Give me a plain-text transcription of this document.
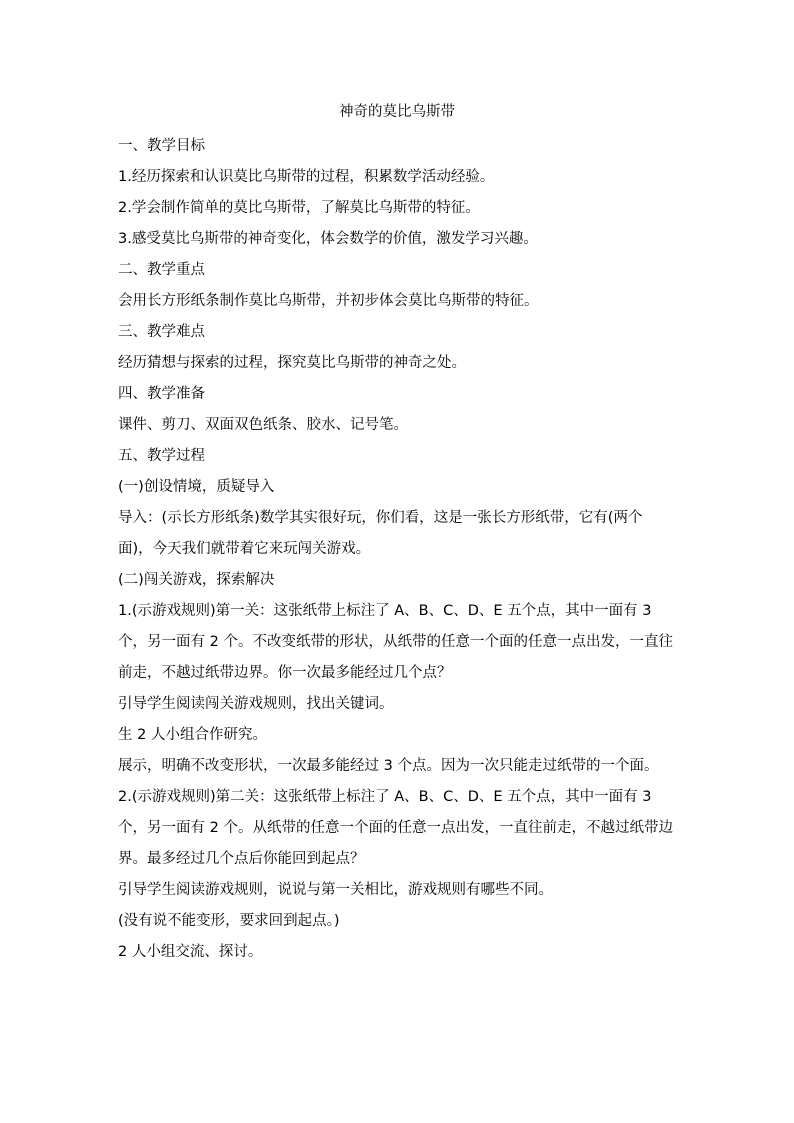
神奇的莫比乌斯带

一、教学目标

1.经历探索和认识莫比乌斯带的过程，积累数学活动经验。

2.学会制作简单的莫比乌斯带，了解莫比乌斯带的特征。

3.感受莫比乌斯带的神奇变化，体会数学的价值，激发学习兴趣。

二、教学重点

会用长方形纸条制作莫比乌斯带，并初步体会莫比乌斯带的特征。

三、教学难点

经历猜想与探索的过程，探究莫比乌斯带的神奇之处。

四、教学准备

课件、剪刀、双面双色纸条、胶水、记号笔。

五、教学过程

(一)创设情境，质疑导入

导入：(示长方形纸条)数学其实很好玩，你们看，这是一张长方形纸带，它有(两个面)，今天我们就带着它来玩闯关游戏。

(二)闯关游戏，探索解决

1.(示游戏规则)第一关：这张纸带上标注了 A、B、C、D、E 五个点，其中一面有 3 个，另一面有 2 个。不改变纸带的形状，从纸带的任意一个面的任意一点出发，一直往前走，不越过纸带边界。你一次最多能经过几个点？

引导学生阅读闯关游戏规则，找出关键词。

生 2 人小组合作研究。

展示，明确不改变形状，一次最多能经过 3 个点。因为一次只能走过纸带的一个面。

2.(示游戏规则)第二关：这张纸带上标注了 A、B、C、D、E 五个点，其中一面有 3 个，另一面有 2 个。从纸带的任意一个面的任意一点出发，一直往前走，不越过纸带边界。最多经过几个点后你能回到起点？

引导学生阅读游戏规则，说说与第一关相比，游戏规则有哪些不同。

(没有说不能变形，要求回到起点。)

2 人小组交流、探讨。
